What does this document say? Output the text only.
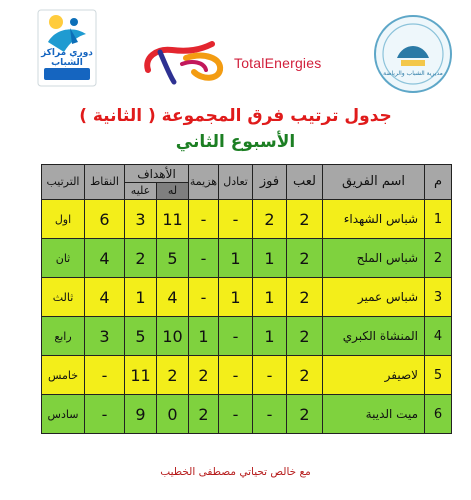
دوري مراكز الشباب	TotalEnergies
مديرية الشباب والرياضة
جدول ترتيب فرق المجموعة ( الثانية )
الأسبوع الثاني
م	اسم الفريق	لعب	فوز	تعادل	هزيمة	الأهداف		النقاط	الترتيب
						له	عليه		
1	شباس الشهداء	2	2	-	-	11	3	6	اول
2	شباس الملح	2	1	1	-	5	2	4	ثان
3	شباس عمير	2	1	1	-	4	1	4	ثالث
4	المنشاة الكبري	2	1	-	1	10	5	3	رابع
5	لاصيفر	2	-	-	2	2	11	-	خامس
6	ميت الديبة	2	-	-	2	0	9	-	سادس
مع خالص تحياتي مصطفى الخطيب
